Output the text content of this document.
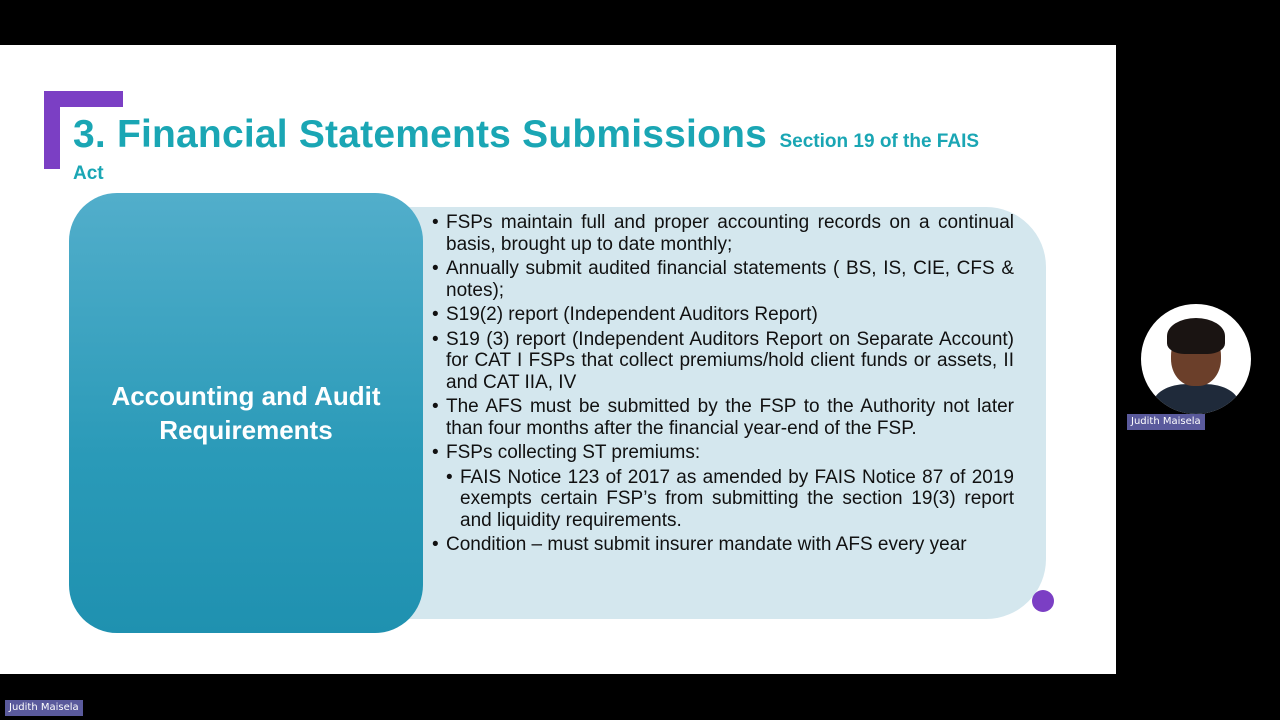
3. Financial Statements Submissions Section 19 of the FAIS
Act
Accounting and Audit Requirements
• FSPs maintain full and proper accounting records on a continual basis, brought up to date monthly;
• Annually submit audited financial statements ( BS, IS, CIE, CFS & notes);
• S19(2) report (Independent Auditors Report)
• S19 (3) report (Independent Auditors Report on Separate Account) for CAT I FSPs that collect premiums/hold client funds or assets, II and CAT IIA, IV
• The AFS must be submitted by the FSP to the Authority not later than four months after the financial year-end of the FSP.
• FSPs collecting ST premiums:
• FAIS Notice 123 of 2017 as amended by FAIS Notice 87 of 2019 exempts certain FSP’s from submitting the section 19(3) report and liquidity requirements.
• Condition – must submit insurer mandate with AFS every year
Judith Maisela
Judith Maisela
